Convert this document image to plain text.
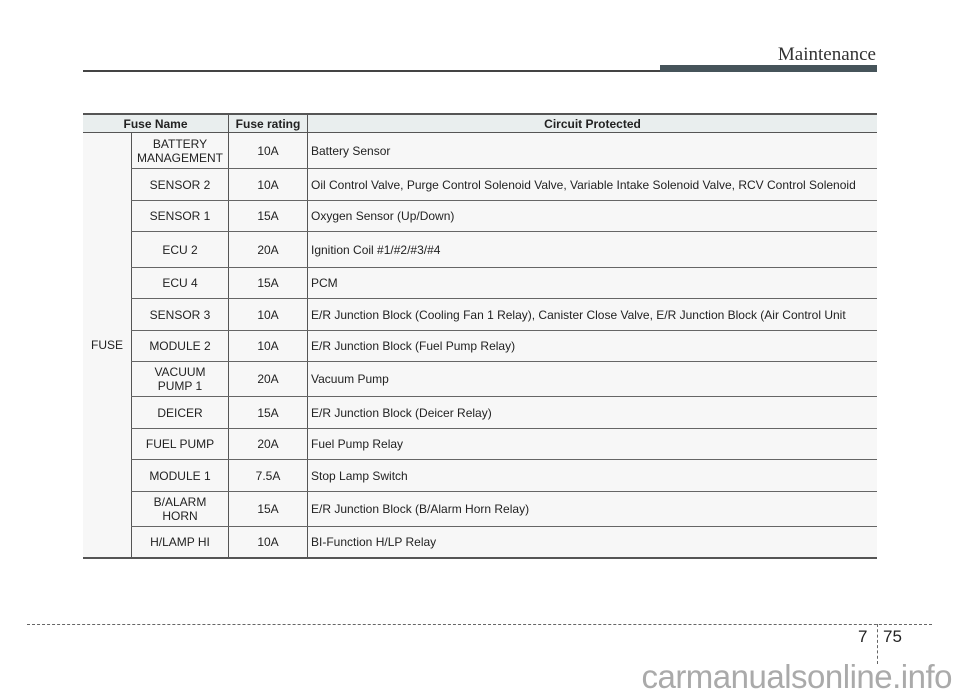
Maintenance
Fuse Name		Fuse rating	Circuit Protected
FUSE	BATTERY MANAGEMENT	10A	Battery Sensor
	SENSOR 2	10A	Oil Control Valve, Purge Control Solenoid Valve, Variable Intake Solenoid Valve, RCV Control Solenoid
	SENSOR 1	15A	Oxygen Sensor (Up/Down)
	ECU 2	20A	Ignition Coil #1/#2/#3/#4
	ECU 4	15A	PCM
	SENSOR 3	10A	E/R Junction Block (Cooling Fan 1 Relay), Canister Close Valve, E/R Junction Block (Air Control Unit
	MODULE 2	10A	E/R Junction Block (Fuel Pump Relay)
	VACUUM PUMP 1	20A	Vacuum Pump
	DEICER	15A	E/R Junction Block (Deicer Relay)
	FUEL PUMP	20A	Fuel Pump Relay
	MODULE 1	7.5A	Stop Lamp Switch
	B/ALARM HORN	15A	E/R Junction Block (B/Alarm Horn Relay)
	H/LAMP HI	10A	BI-Function H/LP Relay
7 75
carmanualsonline.info
